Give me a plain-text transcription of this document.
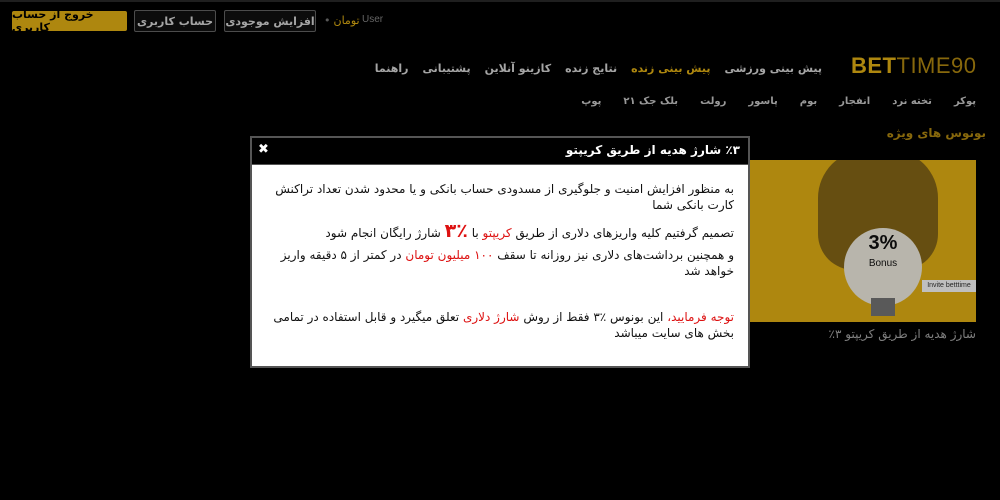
خروج از حساب کاربری	حساب کاربری افزایش موجودی • تومان User
BETTIME90
پیش بینی ورزشی
پیش بینی زنده
نتایج زنده
کازینو آنلاین
پشتیبانی
راهنما
پوکر
تخته نرد
انفجار
بوم
پاسور
رولت
بلک جک ۲۱
پوپ
بونوس های ویژه
3%
Bonus
Invite betttime
٪۳ شارژ هدیه از طریق کریپتو
٪۳ شارژ هدیه از طریق کریپتو
✖

به منظور افزایش امنیت و جلوگیری از مسدودی حساب بانکی و یا محدود شدن تعداد تراکنش کارت بانکی شما

تصمیم گرفتیم کلیه واریزهای دلاری از طریق کریپتو با ٪۳ شارژ رایگان انجام شود

و همچنین برداشت‌های دلاری نیز روزانه تا سقف ۱۰۰ میلیون تومان در کمتر از ۵ دقیقه واریز خواهد شد

توجه فرمایید، این بونوس ٪۳ فقط از روش شارژ دلاری تعلق میگیرد و قابل استفاده در تمامی بخش های سایت میباشد
